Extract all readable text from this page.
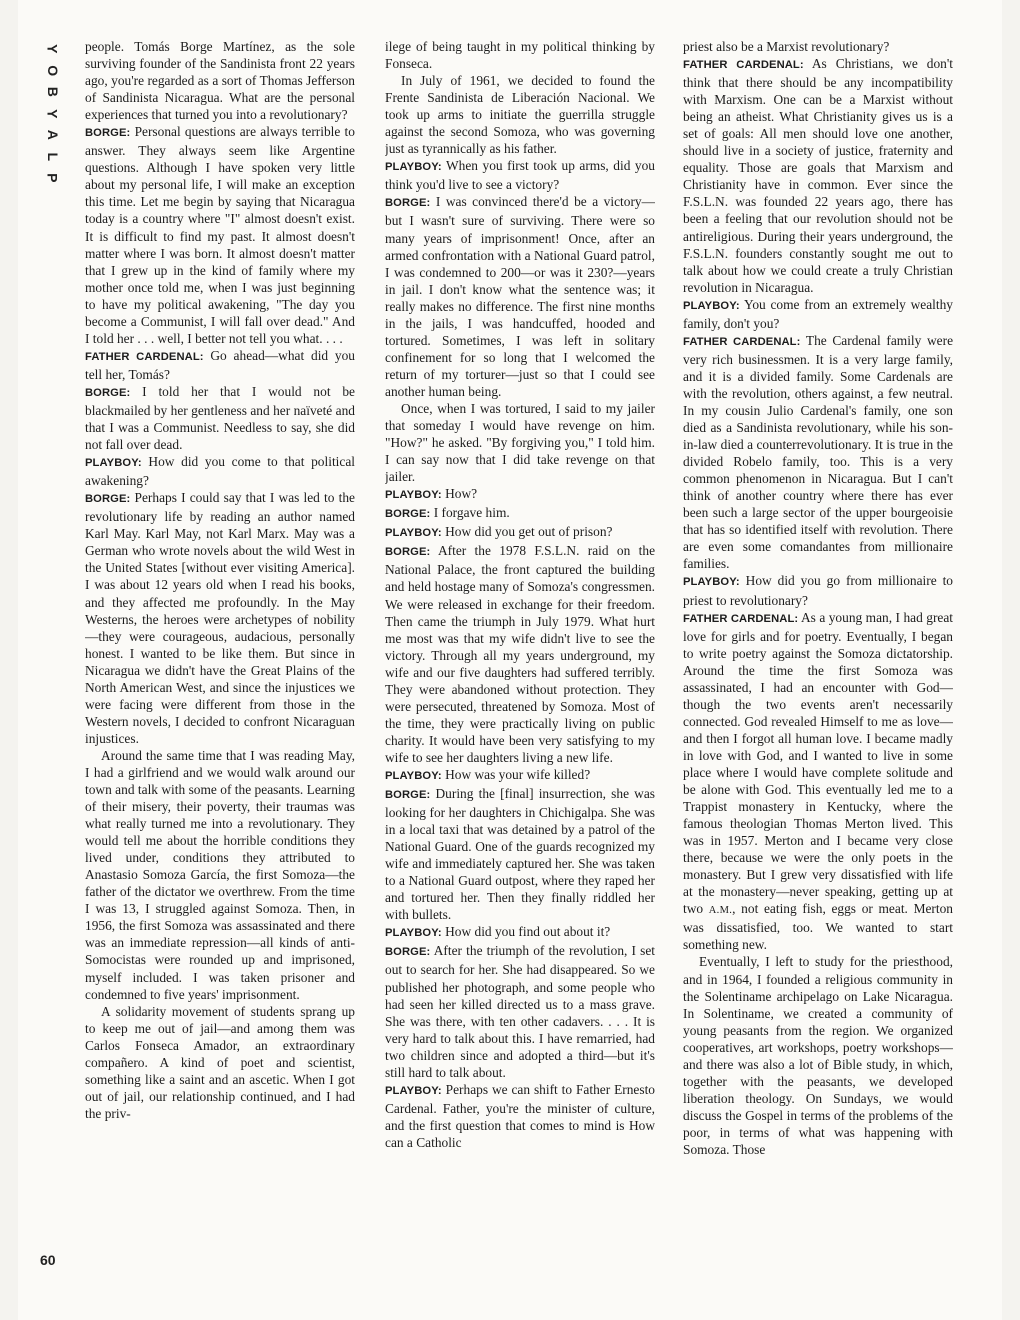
Y
O
B
Y
A
L
P
60

people. Tomás Borge Martínez, as the sole surviving founder of the Sandinista front 22 years ago, you're regarded as a sort of Thomas Jefferson of Sandinista Nicaragua. What are the personal experiences that turned you into a revolutionary?

BORGE: Personal questions are always terrible to answer. They always seem like Argentine questions. Although I have spoken very little about my personal life, I will make an exception this time. Let me begin by saying that Nicaragua today is a country where "I" almost doesn't exist. It is difficult to find my past. It almost doesn't matter where I was born. It almost doesn't matter that I grew up in the kind of family where my mother once told me, when I was just beginning to have my political awakening, "The day you become a Communist, I will fall over dead." And I told her . . . well, I better not tell you what. . . .

FATHER CARDENAL: Go ahead—what did you tell her, Tomás?

BORGE: I told her that I would not be blackmailed by her gentleness and her naïveté and that I was a Communist. Needless to say, she did not fall over dead.

PLAYBOY: How did you come to that political awakening?

BORGE: Perhaps I could say that I was led to the revolutionary life by reading an author named Karl May. Karl May, not Karl Marx. May was a German who wrote novels about the wild West in the United States [without ever visiting America]. I was about 12 years old when I read his books, and they affected me profoundly. In the May Westerns, the heroes were archetypes of nobility—they were courageous, audacious, personally honest. I wanted to be like them. But since in Nicaragua we didn't have the Great Plains of the North American West, and since the injustices we were facing were different from those in the Western novels, I decided to confront Nicaraguan injustices.

Around the same time that I was reading May, I had a girlfriend and we would walk around our town and talk with some of the peasants. Learning of their misery, their poverty, their traumas was what really turned me into a revolutionary. They would tell me about the horrible conditions they lived under, conditions they attributed to Anastasio Somoza García, the first Somoza—the father of the dictator we overthrew. From the time I was 13, I struggled against Somoza. Then, in 1956, the first Somoza was assassinated and there was an immediate repression—all kinds of anti-Somocistas were rounded up and imprisoned, myself included. I was taken prisoner and condemned to five years' imprisonment.

A solidarity movement of students sprang up to keep me out of jail—and among them was Carlos Fonseca Amador, an extraordinary compañero. A kind of poet and scientist, something like a saint and an ascetic. When I got out of jail, our relationship continued, and I had the priv-

ilege of being taught in my political thinking by Fonseca.

In July of 1961, we decided to found the Frente Sandinista de Liberación Nacional. We took up arms to initiate the guerrilla struggle against the second Somoza, who was governing just as tyrannically as his father.

PLAYBOY: When you first took up arms, did you think you'd live to see a victory?

BORGE: I was convinced there'd be a victory—but I wasn't sure of surviving. There were so many years of imprisonment! Once, after an armed confrontation with a National Guard patrol, I was condemned to 200—or was it 230?—years in jail. I don't know what the sentence was; it really makes no difference. The first nine months in the jails, I was handcuffed, hooded and tortured. Sometimes, I was left in solitary confinement for so long that I welcomed the return of my torturer—just so that I could see another human being.

Once, when I was tortured, I said to my jailer that someday I would have revenge on him. "How?" he asked. "By forgiving you," I told him. I can say now that I did take revenge on that jailer.

PLAYBOY: How?

BORGE: I forgave him.

PLAYBOY: How did you get out of prison?

BORGE: After the 1978 F.S.L.N. raid on the National Palace, the front captured the building and held hostage many of Somoza's congressmen. We were released in exchange for their freedom. Then came the triumph in July 1979. What hurt me most was that my wife didn't live to see the victory. Through all my years underground, my wife and our five daughters had suffered terribly. They were abandoned without protection. They were persecuted, threatened by Somoza. Most of the time, they were practically living on public charity. It would have been very satisfying to my wife to see her daughters living a new life.

PLAYBOY: How was your wife killed?

BORGE: During the [final] insurrection, she was looking for her daughters in Chichigalpa. She was in a local taxi that was detained by a patrol of the National Guard. One of the guards recognized my wife and immediately captured her. She was taken to a National Guard outpost, where they raped her and tortured her. Then they finally riddled her with bullets.

PLAYBOY: How did you find out about it?

BORGE: After the triumph of the revolution, I set out to search for her. She had disappeared. So we published her photograph, and some people who had seen her killed directed us to a mass grave. She was there, with ten other cadavers. . . . It is very hard to talk about this. I have remarried, had two children since and adopted a third—but it's still hard to talk about.

PLAYBOY: Perhaps we can shift to Father Ernesto Cardenal. Father, you're the minister of culture, and the first question that comes to mind is How can a Catholic

priest also be a Marxist revolutionary?

FATHER CARDENAL: As Christians, we don't think that there should be any incompatibility with Marxism. One can be a Marxist without being an atheist. What Christianity gives us is a set of goals: All men should love one another, should live in a society of justice, fraternity and equality. Those are goals that Marxism and Christianity have in common. Ever since the F.S.L.N. was founded 22 years ago, there has been a feeling that our revolution should not be antireligious. During their years underground, the F.S.L.N. founders constantly sought me out to talk about how we could create a truly Christian revolution in Nicaragua.

PLAYBOY: You come from an extremely wealthy family, don't you?

FATHER CARDENAL: The Cardenal family were very rich businessmen. It is a very large family, and it is a divided family. Some Cardenals are with the revolution, others against, a few neutral. In my cousin Julio Cardenal's family, one son died as a Sandinista revolutionary, while his son-in-law died a counterrevolutionary. It is true in the divided Robelo family, too. This is a very common phenomenon in Nicaragua. But I can't think of another country where there has ever been such a large sector of the upper bourgeoisie that has so identified itself with revolution. There are even some comandantes from millionaire families.

PLAYBOY: How did you go from millionaire to priest to revolutionary?

FATHER CARDENAL: As a young man, I had great love for girls and for poetry. Eventually, I began to write poetry against the Somoza dictatorship. Around the time the first Somoza was assassinated, I had an encounter with God—though the two events aren't necessarily connected. God revealed Himself to me as love—and then I forgot all human love. I became madly in love with God, and I wanted to live in some place where I would have complete solitude and be alone with God. This eventually led me to a Trappist monastery in Kentucky, where the famous theologian Thomas Merton lived. This was in 1957. Merton and I became very close there, because we were the only poets in the monastery. But I grew very dissatisfied with life at the monastery—never speaking, getting up at two A.M., not eating fish, eggs or meat. Merton was dissatisfied, too. We wanted to start something new.

Eventually, I left to study for the priesthood, and in 1964, I founded a religious community in the Solentiname archipelago on Lake Nicaragua. In Solentiname, we created a community of young peasants from the region. We organized cooperatives, art workshops, poetry workshops—and there was also a lot of Bible study, in which, together with the peasants, we developed liberation theology. On Sundays, we would discuss the Gospel in terms of the problems of the poor, in terms of what was happening with Somoza. Those
